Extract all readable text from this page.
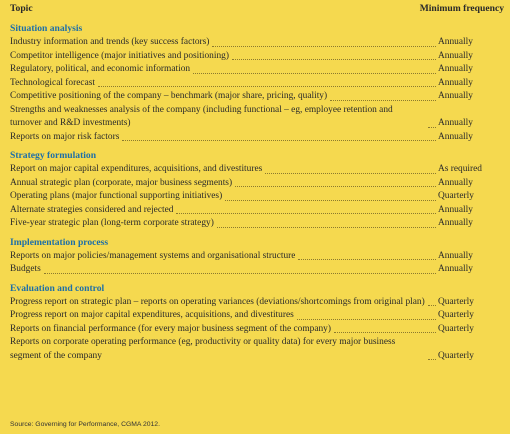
Topic	Minimum frequency
Situation analysis
Industry information and trends (key success factors)	Annually
Competitor intelligence (major initiatives and positioning)	Annually
Regulatory, political, and economic information	Annually
Technological forecast	Annually
Competitive positioning of the company – benchmark (major share, pricing, quality)	Annually
Strengths and weaknesses analysis of the company (including functional – eg, employee retention and turnover and R&D investments)	Annually
Reports on major risk factors	Annually
Strategy formulation
Report on major capital expenditures, acquisitions, and divestitures	As required
Annual strategic plan (corporate, major business segments)	Annually
Operating plans (major functional supporting initiatives)	Quarterly
Alternate strategies considered and rejected	Annually
Five-year strategic plan (long-term corporate strategy)	Annually
Implementation process
Reports on major policies/management systems and organisational structure	Annually
Budgets	Annually
Evaluation and control
Progress report on strategic plan – reports on operating variances (deviations/shortcomings from original plan) Quarterly
Progress report on major capital expenditures, acquisitions, and divestitures	Quarterly
Reports on financial performance (for every major business segment of the company)	Quarterly
Reports on corporate operating performance (eg, productivity or quality data) for every major business segment of the company	Quarterly
Source: Governing for Performance, CGMA 2012.
